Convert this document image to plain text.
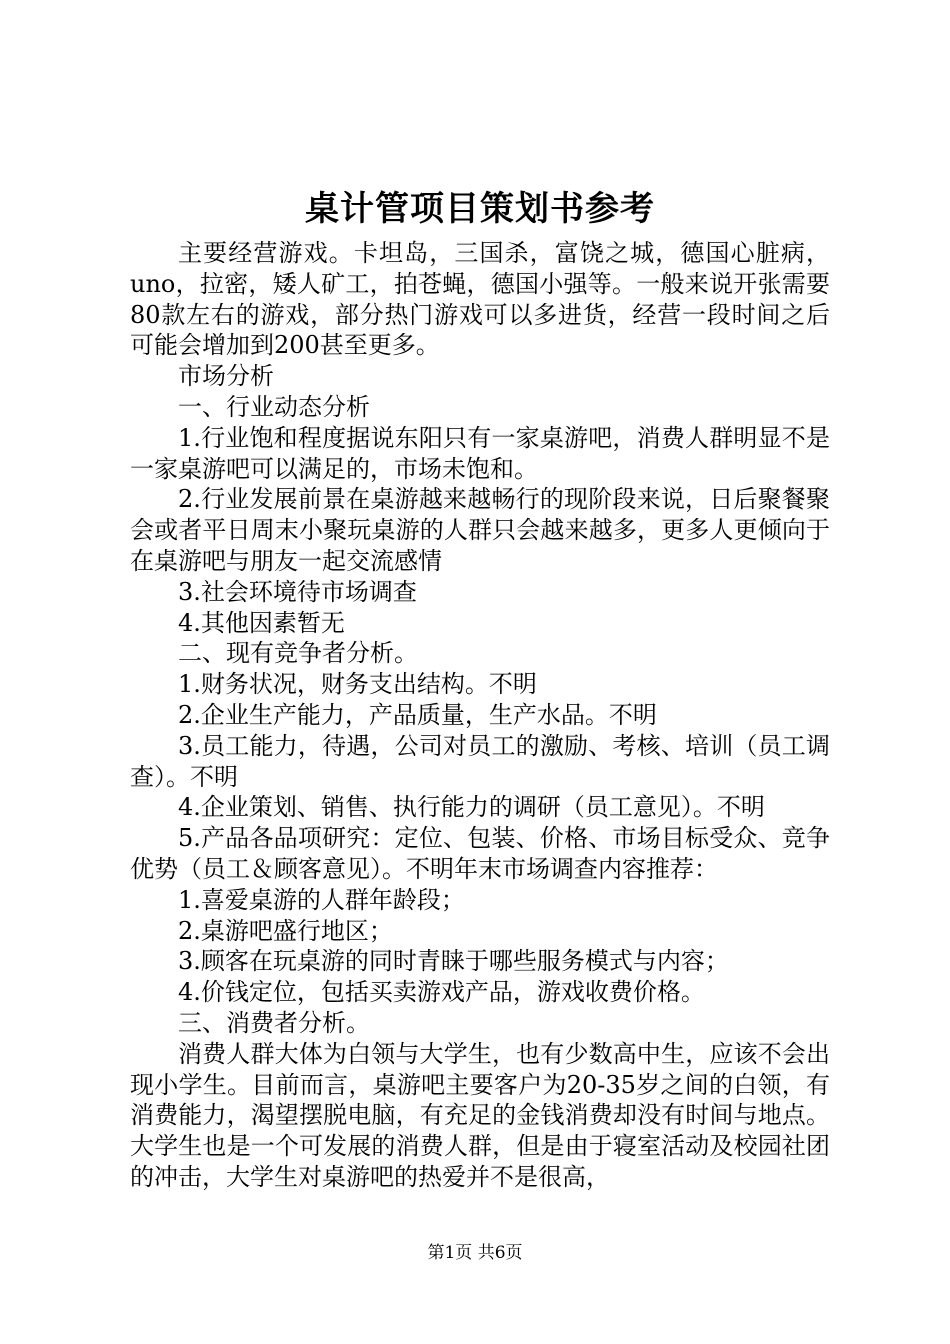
桌计管项目策划书参考

主要经营游戏。卡坦岛，三国杀，富饶之城，德国心脏病，uno，拉密，矮人矿工，拍苍蝇，德国小强等。一般来说开张需要80款左右的游戏，部分热门游戏可以多进货，经营一段时间之后可能会增加到200甚至更多。

市场分析

一、行业动态分析

1.行业饱和程度据说东阳只有一家桌游吧，消费人群明显不是一家桌游吧可以满足的，市场未饱和。

2.行业发展前景在桌游越来越畅行的现阶段来说，日后聚餐聚会或者平日周末小聚玩桌游的人群只会越来越多，更多人更倾向于在桌游吧与朋友一起交流感情

3.社会环境待市场调查

4.其他因素暂无

二、现有竞争者分析。

1.财务状况，财务支出结构。不明

2.企业生产能力，产品质量，生产水品。不明

3.员工能力，待遇，公司对员工的激励、考核、培训（员工调查）。不明

4.企业策划、销售、执行能力的调研（员工意见）。不明

5.产品各品项研究：定位、包装、价格、市场目标受众、竞争优势（员工＆顾客意见）。不明年末市场调查内容推荐：

1.喜爱桌游的人群年龄段；

2.桌游吧盛行地区；

3.顾客在玩桌游的同时青睐于哪些服务模式与内容；

4.价钱定位，包括买卖游戏产品，游戏收费价格。

三、消费者分析。

消费人群大体为白领与大学生，也有少数高中生，应该不会出现小学生。目前而言，桌游吧主要客户为20-35岁之间的白领，有消费能力，渴望摆脱电脑，有充足的金钱消费却没有时间与地点。大学生也是一个可发展的消费人群，但是由于寝室活动及校园社团的冲击，大学生对桌游吧的热爱并不是很高，

第1页 共6页
